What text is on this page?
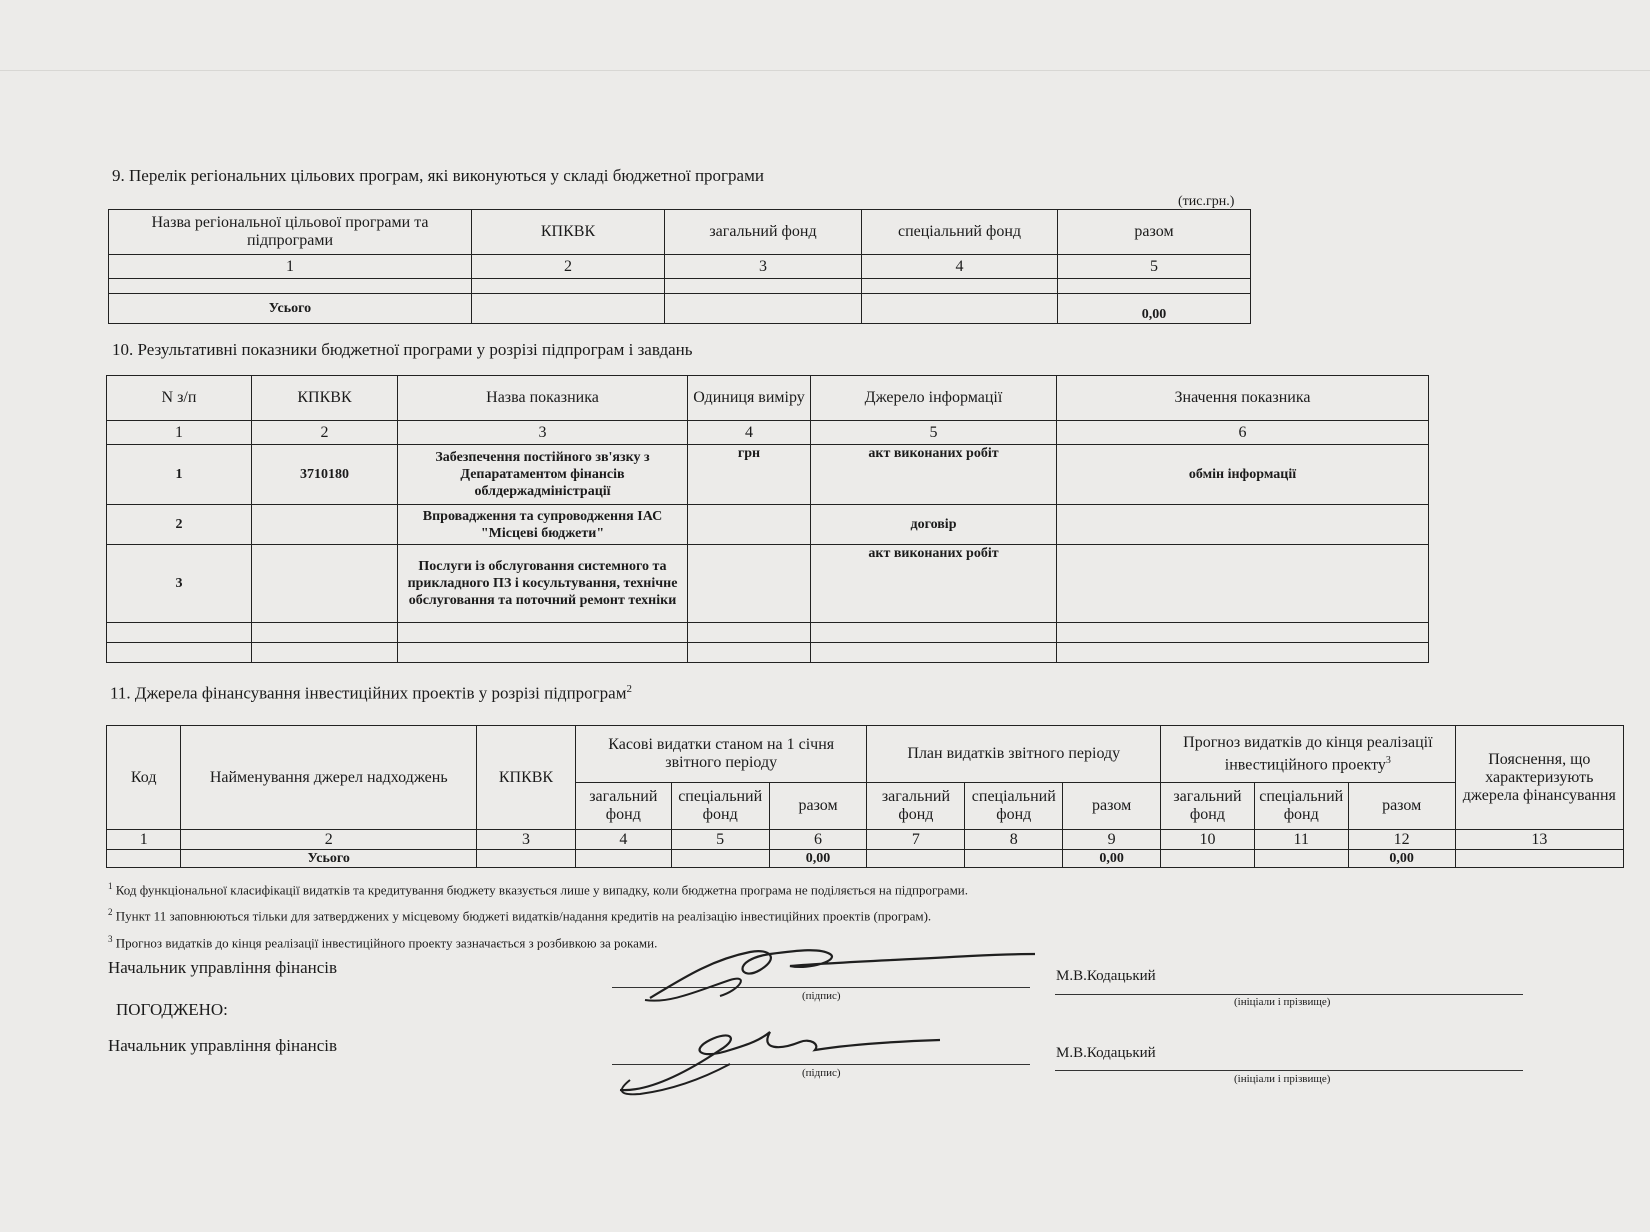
9. Перелік регіональних цільових програм, які виконуються у складі бюджетної програми
(тис.грн.)
Назва регіональної цільової програми та підпрограми	КПКВК	загальний фонд	спеціальний фонд	разом
1	2	3	4	5

Усього				0,00
10. Результативні показники бюджетної програми у розрізі підпрограм і завдань
N з/п	КПКВК	Назва показника	Одиниця виміру	Джерело інформації	Значення показника
1	2	3	4	5	6
1	3710180	Забезпечення постійного зв'язку з Депаратаментом фінансів облдержадміністрації	грн	акт виконаних робіт	обмін інформації
2		Впровадження та супроводження ІАС "Місцеві бюджети"		договір	
3		Послуги із обслуговання системного та прикладного ПЗ і косультування, технічне обслуговання та поточний ремонт техніки		акт виконаних робіт	

11. Джерела фінансування інвестиційних проектів у розрізі підпрограм$^2$
Код	Найменування джерел надходжень	КПКВК	Касові видатки станом на 1 січня звітного періоду			План видатків звітного періоду			Прогноз видатків до кінця реалізації інвестиційного проекту$^3$			Пояснення, що характеризують джерела фінансування
			загальний фонд	спеціальний фонд	разом	загальний фонд	спеціальний фонд	разом	загальний фонд	спеціальний фонд	разом	
1	2	3	4	5	6	7	8	9	10	11	12	13
	Усього				0,00			0,00			0,00	
$^1$ Код функціональної класифікації видатків та кредитування бюджету вказується лише у випадку, коли бюджетна програма не поділяється на підпрограми.
$^2$ Пункт 11 заповнюються тільки для затверджених у місцевому бюджеті видатків/надання кредитів на реалізацію інвестиційних проектів (програм).
$^3$ Прогноз видатків до кінця реалізації інвестиційного проекту зазначається з розбивкою за роками.
Начальник управління фінансів
(підпис)
М.В.Кодацький
(ініціали і прізвище)
ПОГОДЖЕНО:
Начальник управління фінансів
(підпис)
М.В.Кодацький
(ініціали і прізвище)
